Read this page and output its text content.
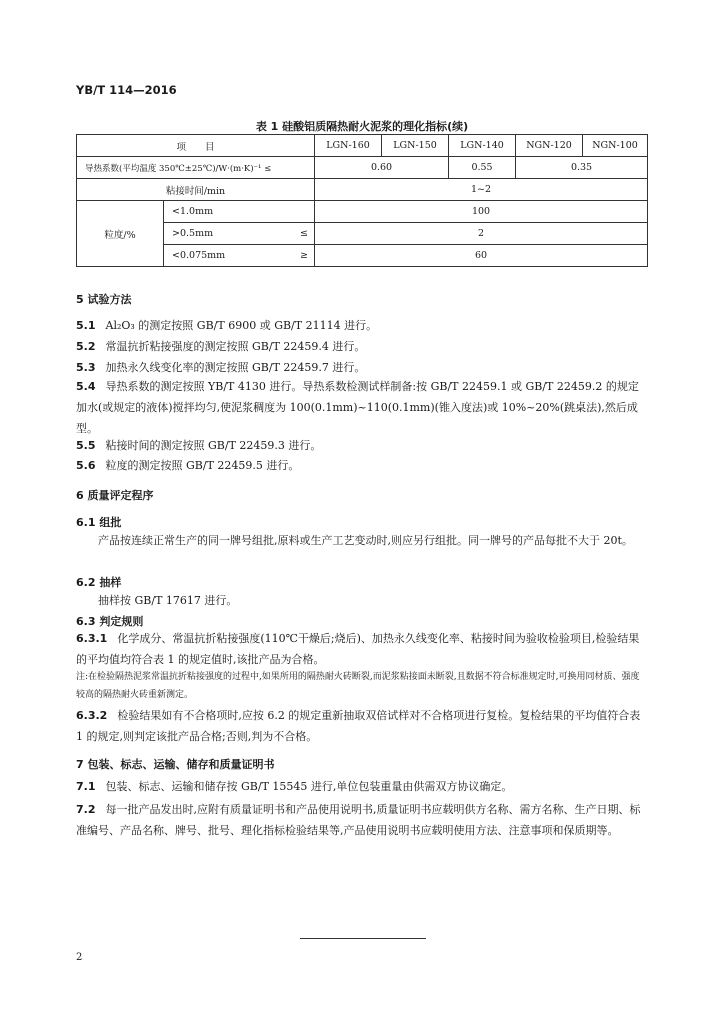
YB/T 114—2016
表 1 硅酸铝质隔热耐火泥浆的理化指标(续)
项　　目			LGN-160	LGN-150	LGN-140	NGN-120	NGN-100
导热系数(平均温度 350℃±25℃)/W·(m·K)⁻¹ ≤			0.60		0.55	0.35	
粘接时间/min			1~2				
粒度/%	<1.0mm		100				
	>0.5mm	≤	2				
	<0.075mm	≥	60				
5 试验方法
5.1 Al₂O₃ 的测定按照 GB/T 6900 或 GB/T 21114 进行。
5.2 常温抗折粘接强度的测定按照 GB/T 22459.4 进行。
5.3 加热永久线变化率的测定按照 GB/T 22459.7 进行。
5.4 导热系数的测定按照 YB/T 4130 进行。导热系数检测试样制备:按 GB/T 22459.1 或 GB/T 22459.2 的规定加水(或规定的液体)搅拌均匀,使泥浆稠度为 100(0.1mm)~110(0.1mm)(锥入度法)或 10%~20%(跳桌法),然后成型。
5.5 粘接时间的测定按照 GB/T 22459.3 进行。
5.6 粒度的测定按照 GB/T 22459.5 进行。
6 质量评定程序
6.1 组批
产品按连续正常生产的同一牌号组批,原料或生产工艺变动时,则应另行组批。同一牌号的产品每批不大于 20t。
6.2 抽样
抽样按 GB/T 17617 进行。
6.3 判定规则
6.3.1 化学成分、常温抗折粘接强度(110℃干燥后;烧后)、加热永久线变化率、粘接时间为验收检验项目,检验结果的平均值均符合表 1 的规定值时,该批产品为合格。
注:在检验隔热泥浆常温抗折粘接强度的过程中,如果所用的隔热耐火砖断裂,而泥浆粘接面未断裂,且数据不符合标准规定时,可换用同材质、强度较高的隔热耐火砖重新测定。
6.3.2 检验结果如有不合格项时,应按 6.2 的规定重新抽取双倍试样对不合格项进行复检。复检结果的平均值符合表 1 的规定,则判定该批产品合格;否则,判为不合格。
7 包装、标志、运输、储存和质量证明书
7.1 包装、标志、运输和储存按 GB/T 15545 进行,单位包装重量由供需双方协议确定。
7.2 每一批产品发出时,应附有质量证明书和产品使用说明书,质量证明书应载明供方名称、需方名称、生产日期、标准编号、产品名称、牌号、批号、理化指标检验结果等,产品使用说明书应载明使用方法、注意事项和保质期等。
2
